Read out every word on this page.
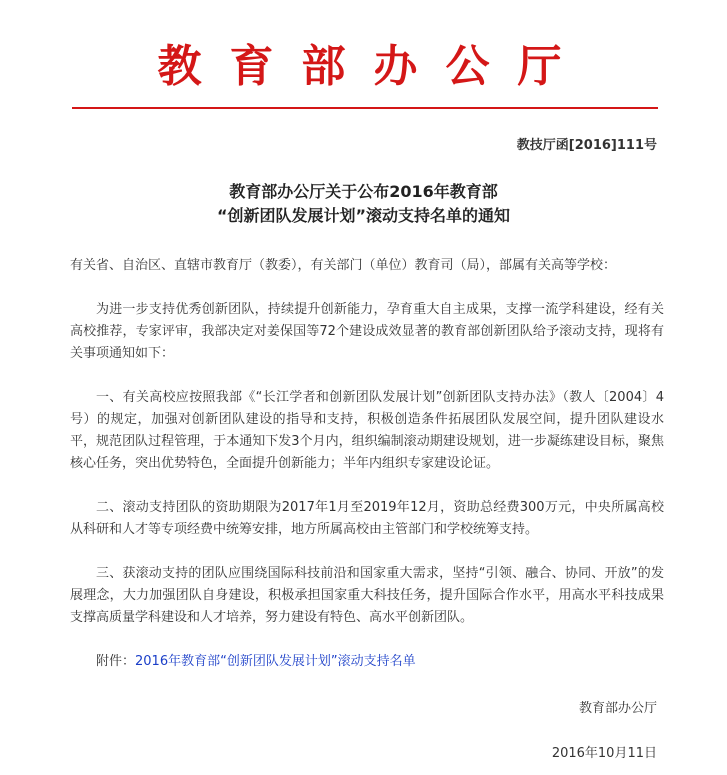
教育部办公厅
教技厅函[2016]111号
教育部办公厅关于公布2016年教育部
“创新团队发展计划”滚动支持名单的通知

有关省、自治区、直辖市教育厅（教委），有关部门（单位）教育司（局），部属有关高等学校：

为进一步支持优秀创新团队，持续提升创新能力，孕育重大自主成果，支撑一流学科建设，经有关高校推荐，专家评审，我部决定对姜保国等72个建设成效显著的教育部创新团队给予滚动支持，现将有关事项通知如下：

一、有关高校应按照我部《“长江学者和创新团队发展计划”创新团队支持办法》（教人〔2004〕4号）的规定，加强对创新团队建设的指导和支持，积极创造条件拓展团队发展空间，提升团队建设水平，规范团队过程管理，于本通知下发3个月内，组织编制滚动期建设规划，进一步凝练建设目标，聚焦核心任务，突出优势特色，全面提升创新能力；半年内组织专家建设论证。

二、滚动支持团队的资助期限为2017年1月至2019年12月，资助总经费300万元，中央所属高校从科研和人才等专项经费中统筹安排，地方所属高校由主管部门和学校统筹支持。

三、获滚动支持的团队应围绕国际科技前沿和国家重大需求，坚持“引领、融合、协同、开放”的发展理念，大力加强团队自身建设，积极承担国家重大科技任务，提升国际合作水平，用高水平科技成果支撑高质量学科建设和人才培养，努力建设有特色、高水平创新团队。

附件：2016年教育部“创新团队发展计划”滚动支持名单

教育部办公厅
2016年10月11日
